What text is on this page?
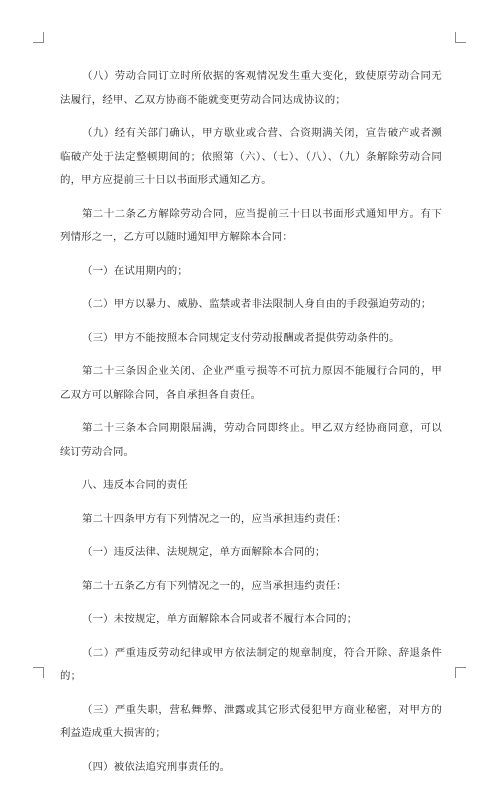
（八）劳动合同订立时所依据的客观情况发生重大变化，致使原劳动合同无法履行，经甲、乙双方协商不能就变更劳动合同达成协议的；

（九）经有关部门确认，甲方歇业或合营、合资期满关闭，宣告破产或者濒临破产处于法定整顿期间的；依照第（六）、（七）、（八）、（九）条解除劳动合同的，甲方应提前三十日以书面形式通知乙方。

第二十二条乙方解除劳动合同，应当提前三十日以书面形式通知甲方。有下列情形之一，乙方可以随时通知甲方解除本合同：

（一）在试用期内的；

（二）甲方以暴力、威胁、监禁或者非法限制人身自由的手段强迫劳动的；

（三）甲方不能按照本合同规定支付劳动报酬或者提供劳动条件的。

第二十三条因企业关闭、企业严重亏损等不可抗力原因不能履行合同的，甲乙双方可以解除合同，各自承担各自责任。

第二十三条本合同期限届满，劳动合同即终止。甲乙双方经协商同意，可以续订劳动合同。

八、违反本合同的责任

第二十四条甲方有下列情况之一的，应当承担违约责任：

（一）违反法律、法规规定，单方面解除本合同的；

第二十五条乙方有下列情况之一的，应当承担违约责任：

（一）未按规定，单方面解除本合同或者不履行本合同的；

（二）严重违反劳动纪律或甲方依法制定的规章制度，符合开除、辞退条件的；

（三）严重失职，营私舞弊、泄露或其它形式侵犯甲方商业秘密，对甲方的利益造成重大损害的；

（四）被依法追究刑事责任的。
